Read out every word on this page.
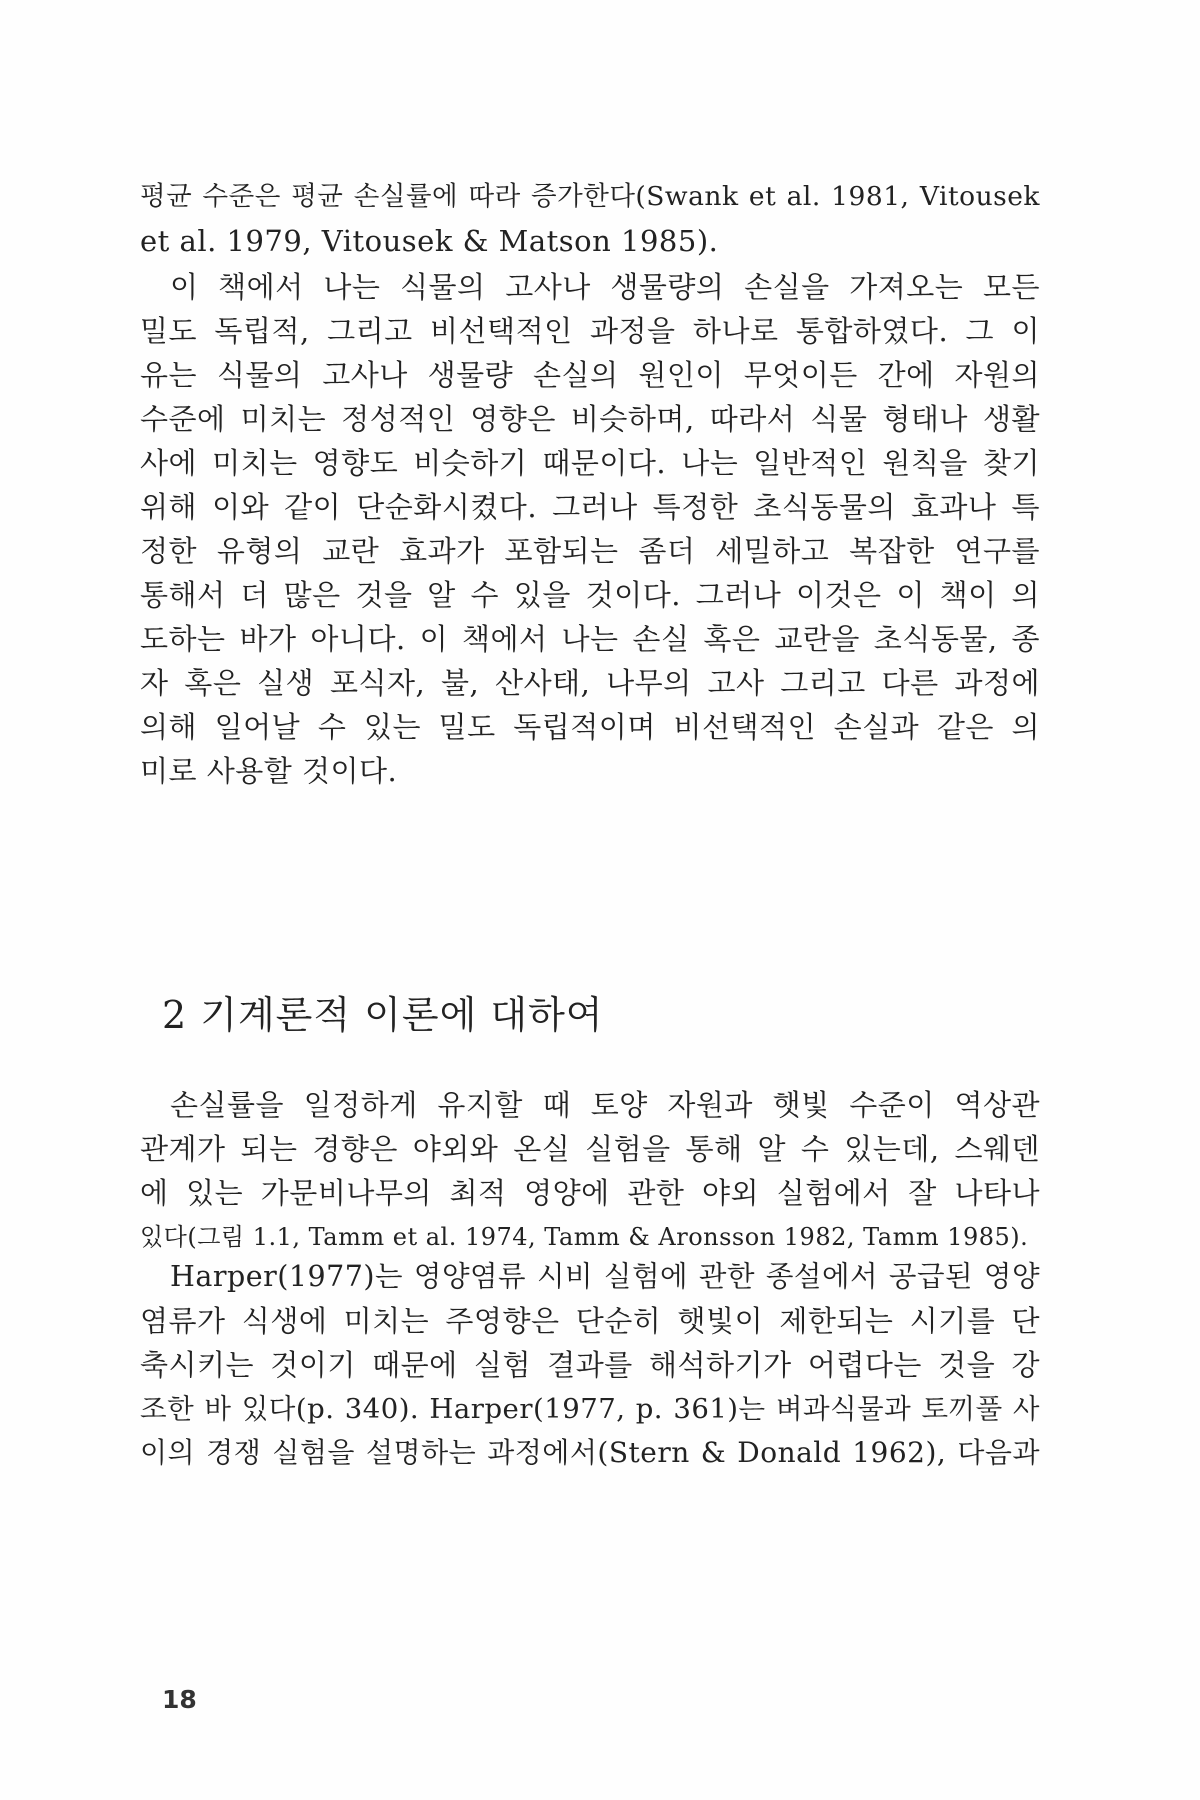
평균 수준은 평균 손실률에 따라 증가한다(Swank et al. 1981, Vitousek
et al. 1979, Vitousek & Matson 1985).
이 책에서 나는 식물의 고사나 생물량의 손실을 가져오는 모든
밀도 독립적, 그리고 비선택적인 과정을 하나로 통합하였다. 그 이
유는 식물의 고사나 생물량 손실의 원인이 무엇이든 간에 자원의
수준에 미치는 정성적인 영향은 비슷하며, 따라서 식물 형태나 생활
사에 미치는 영향도 비슷하기 때문이다. 나는 일반적인 원칙을 찾기
위해 이와 같이 단순화시켰다. 그러나 특정한 초식동물의 효과나 특
정한 유형의 교란 효과가 포함되는 좀더 세밀하고 복잡한 연구를
통해서 더 많은 것을 알 수 있을 것이다. 그러나 이것은 이 책이 의
도하는 바가 아니다. 이 책에서 나는 손실 혹은 교란을 초식동물, 종
자 혹은 실생 포식자, 불, 산사태, 나무의 고사 그리고 다른 과정에
의해 일어날 수 있는 밀도 독립적이며 비선택적인 손실과 같은 의
미로 사용할 것이다.
2 기계론적 이론에 대하여
손실률을 일정하게 유지할 때 토양 자원과 햇빛 수준이 역상관
관계가 되는 경향은 야외와 온실 실험을 통해 알 수 있는데, 스웨덴
에 있는 가문비나무의 최적 영양에 관한 야외 실험에서 잘 나타나
있다(그림 1.1, Tamm et al. 1974, Tamm & Aronsson 1982, Tamm 1985).
Harper(1977)는 영양염류 시비 실험에 관한 종설에서 공급된 영양
염류가 식생에 미치는 주영향은 단순히 햇빛이 제한되는 시기를 단
축시키는 것이기 때문에 실험 결과를 해석하기가 어렵다는 것을 강
조한 바 있다(p. 340). Harper(1977, p. 361)는 벼과식물과 토끼풀 사
이의 경쟁 실험을 설명하는 과정에서(Stern & Donald 1962), 다음과
18
